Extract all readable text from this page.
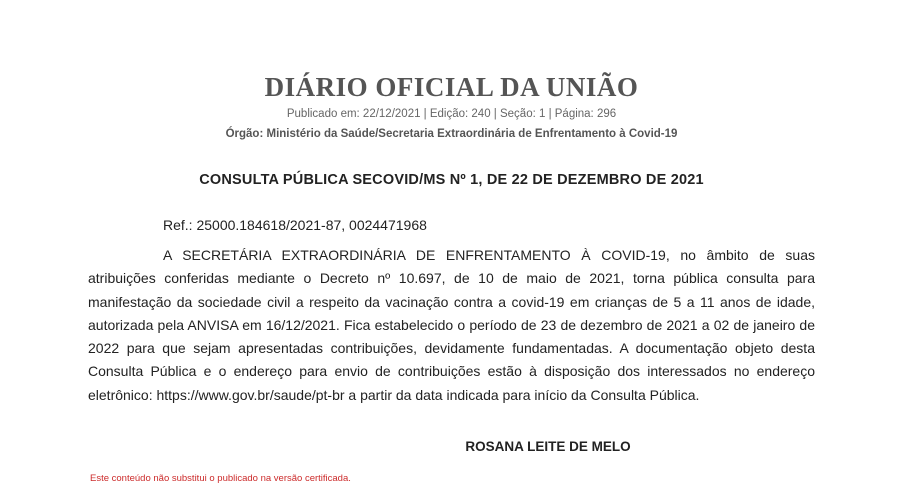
DIÁRIO OFICIAL DA UNIÃO
Publicado em: 22/12/2021 | Edição: 240 | Seção: 1 | Página: 296
Órgão: Ministério da Saúde/Secretaria Extraordinária de Enfrentamento à Covid-19
CONSULTA PÚBLICA SECOVID/MS Nº 1, DE 22 DE DEZEMBRO DE 2021
Ref.: 25000.184618/2021-87, 0024471968

A SECRETÁRIA EXTRAORDINÁRIA DE ENFRENTAMENTO À COVID-19, no âmbito de suas atribuições conferidas mediante o Decreto nº 10.697, de 10 de maio de 2021, torna pública consulta para manifestação da sociedade civil a respeito da vacinação contra a covid-19 em crianças de 5 a 11 anos de idade, autorizada pela ANVISA em 16/12/2021. Fica estabelecido o período de 23 de dezembro de 2021 a 02 de janeiro de 2022 para que sejam apresentadas contribuições, devidamente fundamentadas. A documentação objeto desta Consulta Pública e o endereço para envio de contribuições estão à disposição dos interessados no endereço eletrônico: https://www.gov.br/saude/pt-br a partir da data indicada para início da Consulta Pública.

ROSANA LEITE DE MELO
Este conteúdo não substitui o publicado na versão certificada.
